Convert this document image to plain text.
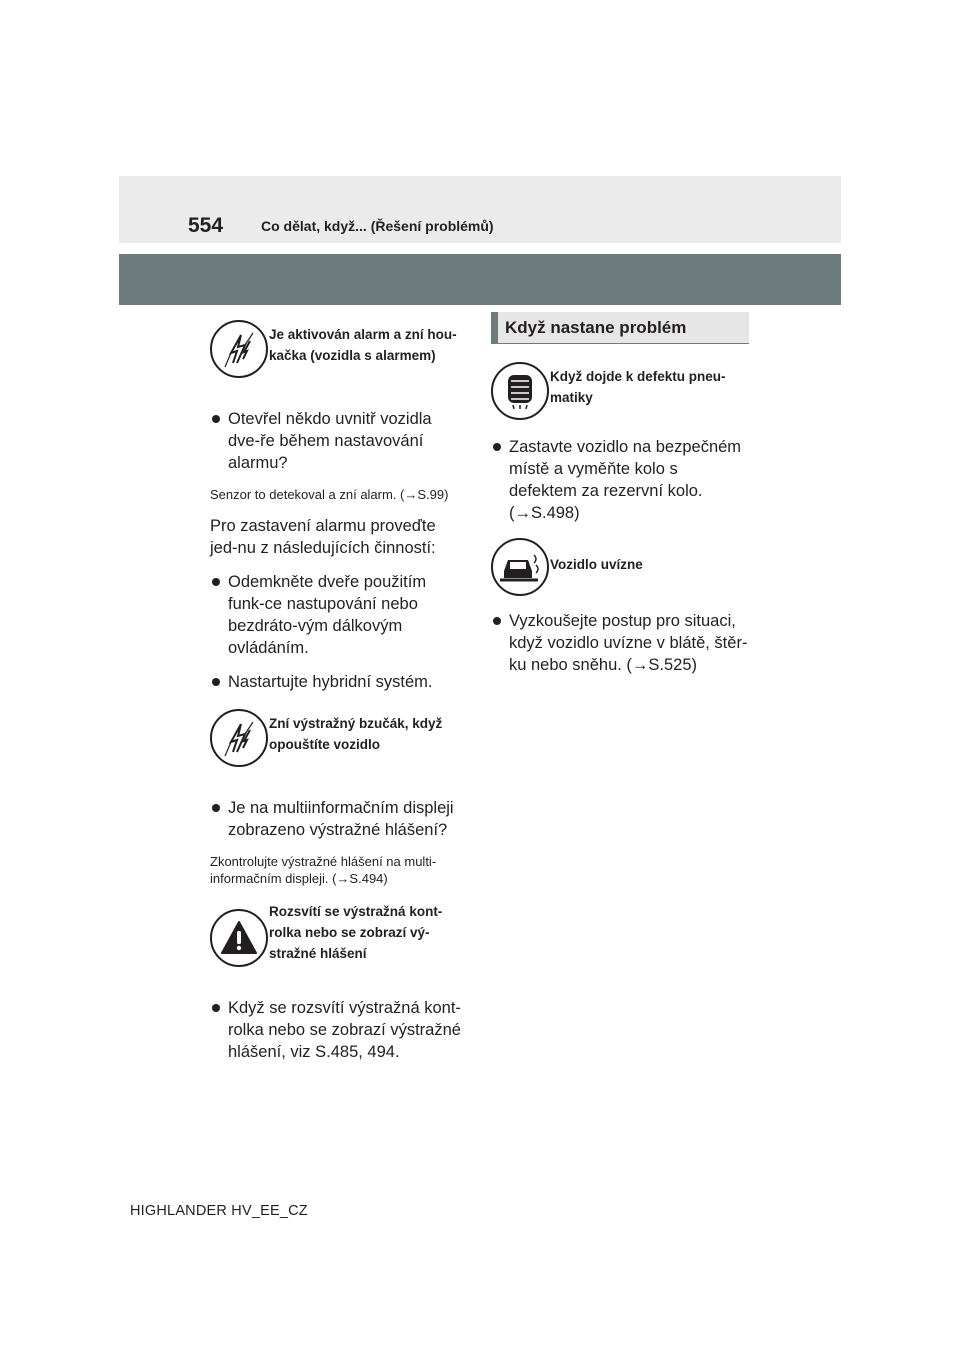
554	Co dělat, když... (Řešení problémů)
Je aktivován alarm a zní hou-
kačka (vozidla s alarmem)
Otevřel někdo uvnitř vozidla dve-ře během nastavování alarmu?
Senzor to detekoval a zní alarm. (→S.99)
Pro zastavení alarmu proveďte jed-nu z následujících činností:
Odemkněte dveře použitím funk-ce nastupování nebo bezdráto-vým dálkovým ovládáním.
Nastartujte hybridní systém.
Zní výstražný bzučák, když
opouštíte vozidlo
Je na multiinformačním displeji zobrazeno výstražné hlášení?
Zkontrolujte výstražné hlášení na multi-informačním displeji. (→S.494)
Rozsvítí se výstražná kont-
rolka nebo se zobrazí vý-
stražné hlášení
Když se rozsvítí výstražná kont-rolka nebo se zobrazí výstražné hlášení, viz S.485, 494.
Když nastane problém
Když dojde k defektu pneu-
matiky
Zastavte vozidlo na bezpečném místě a vyměňte kolo s defektem za rezervní kolo. (→S.498)
Vozidlo uvízne
Vyzkoušejte postup pro situaci, když vozidlo uvízne v blátě, štěr-ku nebo sněhu. (→S.525)
HIGHLANDER HV_EE_CZ
